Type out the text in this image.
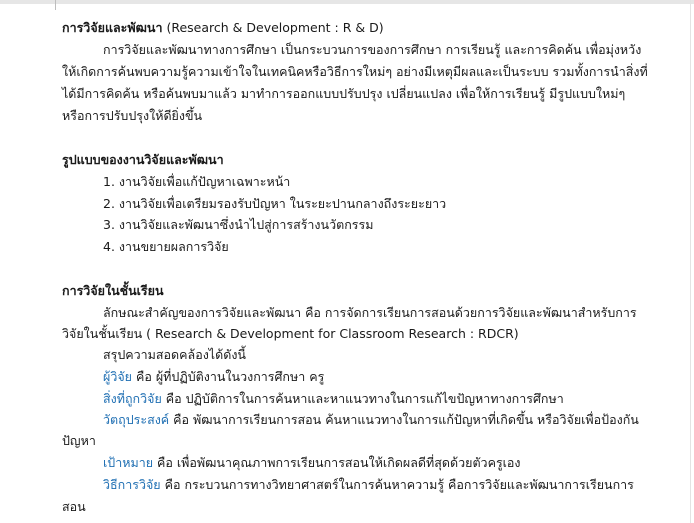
การวิจัยและพัฒนา (Research & Development : R & D)
การวิจัยและพัฒนาทางการศึกษา เป็นกระบวนการของการศึกษา การเรียนรู้ และการคิดค้น เพื่อมุ่งหวัง
ให้เกิดการค้นพบความรู้ความเข้าใจในเทคนิคหรือวิธีการใหม่ๆ อย่างมีเหตุมีผลและเป็นระบบ รวมทั้งการนำสิ่งที่
ได้มีการคิดค้น หรือค้นพบมาแล้ว มาทำการออกแบบปรับปรุง เปลี่ยนแปลง เพื่อให้การเรียนรู้ มีรูปแบบใหม่ๆ
หรือการปรับปรุงให้ดียิ่งขึ้น
รูปแบบของงานวิจัยและพัฒนา
1. งานวิจัยเพื่อแก้ปัญหาเฉพาะหน้า
2. งานวิจัยเพื่อเตรียมรองรับปัญหา ในระยะปานกลางถึงระยะยาว
3. งานวิจัยและพัฒนาซึ่งนำไปสู่การสร้างนวัตกรรม
4. งานขยายผลการวิจัย
การวิจัยในชั้นเรียน
ลักษณะสำคัญของการวิจัยและพัฒนา คือ การจัดการเรียนการสอนด้วยการวิจัยและพัฒนาสำหรับการ
วิจัยในชั้นเรียน ( Research & Development for Classroom Research : RDCR)
สรุปความสอดคล้องได้ดังนี้
ผู้วิจัย คือ ผู้ที่ปฏิบัติงานในวงการศึกษา ครู
สิ่งที่ถูกวิจัย คือ ปฏิบัติการในการค้นหาและหาแนวทางในการแก้ไขปัญหาทางการศึกษา
วัตถุประสงค์ คือ พัฒนาการเรียนการสอน ค้นหาแนวทางในการแก้ปัญหาที่เกิดขึ้น หรือวิจัยเพื่อป้องกัน
ปัญหา
เป้าหมาย คือ เพื่อพัฒนาคุณภาพการเรียนการสอนให้เกิดผลดีที่สุดด้วยตัวครูเอง
วิธีการวิจัย คือ กระบวนการทางวิทยาศาสตร์ในการค้นหาความรู้ คือการวิจัยและพัฒนาการเรียนการ
สอน
